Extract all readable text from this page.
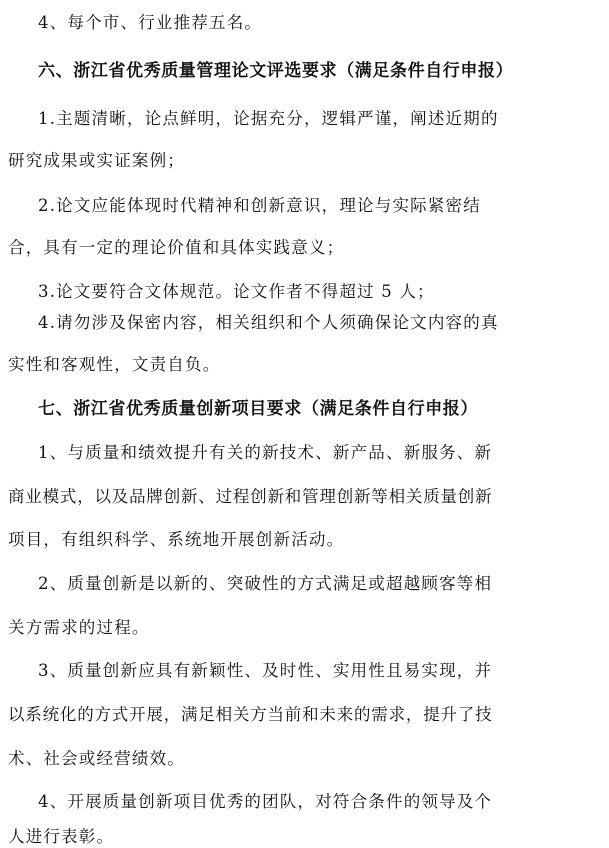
4、每个市、行业推荐五名。
六、浙江省优秀质量管理论文评选要求（满足条件自行申报）
1.主题清晰，论点鲜明，论据充分，逻辑严谨，阐述近期的
研究成果或实证案例；
2.论文应能体现时代精神和创新意识，理论与实际紧密结
合，具有一定的理论价值和具体实践意义；
3.论文要符合文体规范。论文作者不得超过 5 人；
4.请勿涉及保密内容，相关组织和个人须确保论文内容的真
实性和客观性，文责自负。
七、浙江省优秀质量创新项目要求（满足条件自行申报）
1、与质量和绩效提升有关的新技术、新产品、新服务、新
商业模式，以及品牌创新、过程创新和管理创新等相关质量创新
项目，有组织科学、系统地开展创新活动。
2、质量创新是以新的、突破性的方式满足或超越顾客等相
关方需求的过程。
3、质量创新应具有新颖性、及时性、实用性且易实现，并
以系统化的方式开展，满足相关方当前和未来的需求，提升了技
术、社会或经营绩效。
4、开展质量创新项目优秀的团队，对符合条件的领导及个
人进行表彰。
